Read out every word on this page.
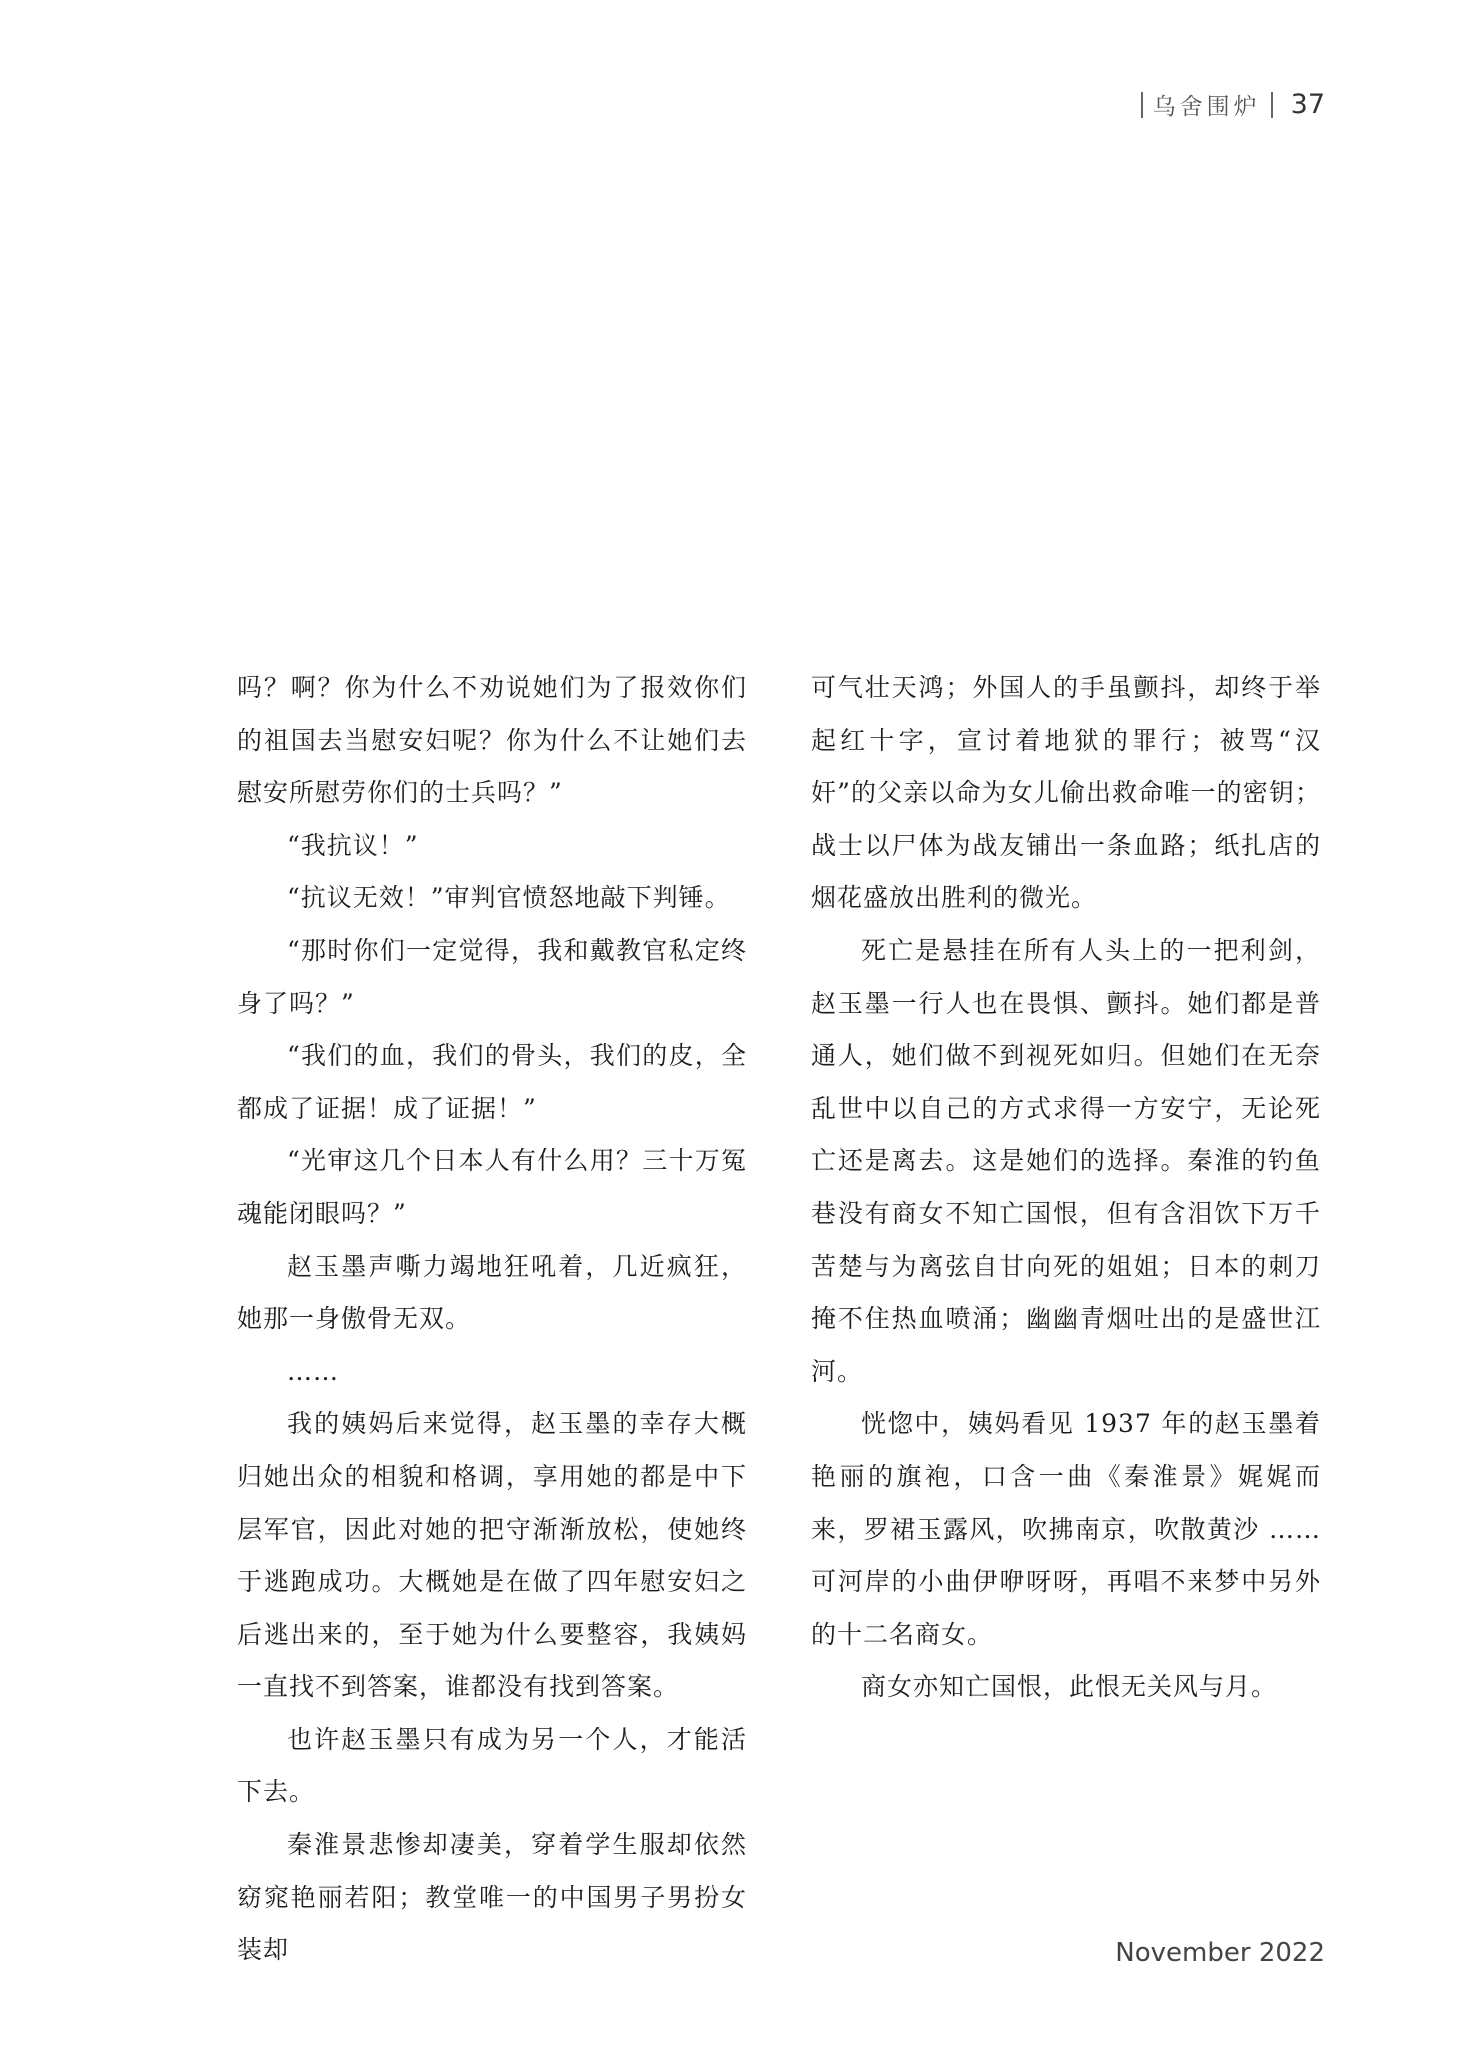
乌舍围炉 37

吗？啊？你为什么不劝说她们为了报效你们的祖国去当慰安妇呢？你为什么不让她们去慰安所慰劳你们的士兵吗？”

“我抗议！”

“抗议无效！”审判官愤怒地敲下判锤。

“那时你们一定觉得，我和戴教官私定终身了吗？”

“我们的血，我们的骨头，我们的皮，全都成了证据！成了证据！”

“光审这几个日本人有什么用？三十万冤魂能闭眼吗？”

赵玉墨声嘶力竭地狂吼着，几近疯狂，她那一身傲骨无双。

……

我的姨妈后来觉得，赵玉墨的幸存大概归她出众的相貌和格调，享用她的都是中下层军官，因此对她的把守渐渐放松，使她终于逃跑成功。大概她是在做了四年慰安妇之后逃出来的，至于她为什么要整容，我姨妈一直找不到答案，谁都没有找到答案。

也许赵玉墨只有成为另一个人，才能活下去。

秦淮景悲惨却凄美，穿着学生服却依然窈窕艳丽若阳；教堂唯一的中国男子男扮女装却

可气壮天鸿；外国人的手虽颤抖，却终于举起红十字，宣讨着地狱的罪行；被骂“汉奸”的父亲以命为女儿偷出救命唯一的密钥；战士以尸体为战友铺出一条血路；纸扎店的烟花盛放出胜利的微光。

死亡是悬挂在所有人头上的一把利剑，赵玉墨一行人也在畏惧、颤抖。她们都是普通人，她们做不到视死如归。但她们在无奈乱世中以自己的方式求得一方安宁，无论死亡还是离去。这是她们的选择。秦淮的钓鱼巷没有商女不知亡国恨，但有含泪饮下万千苦楚与为离弦自甘向死的姐姐；日本的刺刀掩不住热血喷涌；幽幽青烟吐出的是盛世江河。

恍惚中，姨妈看见 1937 年的赵玉墨着艳丽的旗袍，口含一曲《秦淮景》娓娓而来，罗裙玉露风，吹拂南京，吹散黄沙 …… 可河岸的小曲伊咿呀呀，再唱不来梦中另外的十二名商女。

商女亦知亡国恨，此恨无关风与月。

November 2022
